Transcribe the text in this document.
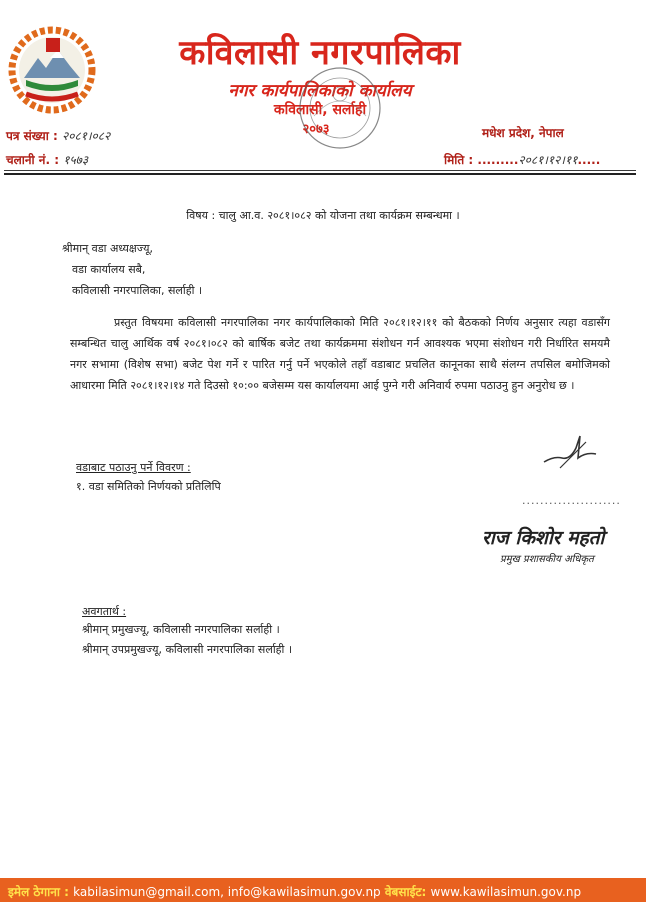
कविलासी नगरपालिका
नगर कार्यपालिकाको कार्यालय
कविलासी, सर्लाही
२०७३
पत्र संख्या : २०८१।०८२
चलानी नं. : १५७३
मधेश प्रदेश, नेपाल
मिति : .........२०८१।१२।११.....
विषय : चालु आ.व. २०८१।०८२ को योजना तथा कार्यक्रम सम्बन्धमा ।
श्रीमान् वडा अध्यक्षज्यू,
वडा कार्यालय सबै,
कविलासी नगरपालिका, सर्लाही ।
प्रस्तुत विषयमा कविलासी नगरपालिका नगर कार्यपालिकाको मिति २०८१।१२।११ को बैठकको निर्णय अनुसार त्यहा वडासँग सम्बन्धित चालु आर्थिक वर्ष २०८१।०८२ को बार्षिक बजेट तथा कार्यक्रममा संशोधन गर्न आवश्यक भएमा संशोधन गरी निर्धारित समयमै नगर सभामा (विशेष सभा) बजेट पेश गर्ने र पारित गर्नु पर्ने भएकोले तहाँ वडाबाट प्रचलित कानूनका साथै संलग्न तपसिल बमोजिमको आधारमा मिति २०८१।१२।१४ गते दिउसो १०:०० बजेसम्म यस कार्यालयमा आई पुग्ने गरी अनिवार्य रुपमा पठाउनु हुन अनुरोध छ ।
वडाबाट पठाउनु पर्ने विवरण :
१. वडा समितिको निर्णयको प्रतिलिपि
......................
राज किशोर महतो
प्रमुख प्रशासकीय अधिकृत
अवगतार्थ :
श्रीमान् प्रमुखज्यू, कविलासी नगरपालिका सर्लाही ।
श्रीमान् उपप्रमुखज्यू, कविलासी नगरपालिका सर्लाही ।
इमेल ठेगाना : kabilasimun@gmail.com, info@kawilasimun.gov.np वेबसाईट: www.kawilasimun.gov.np
